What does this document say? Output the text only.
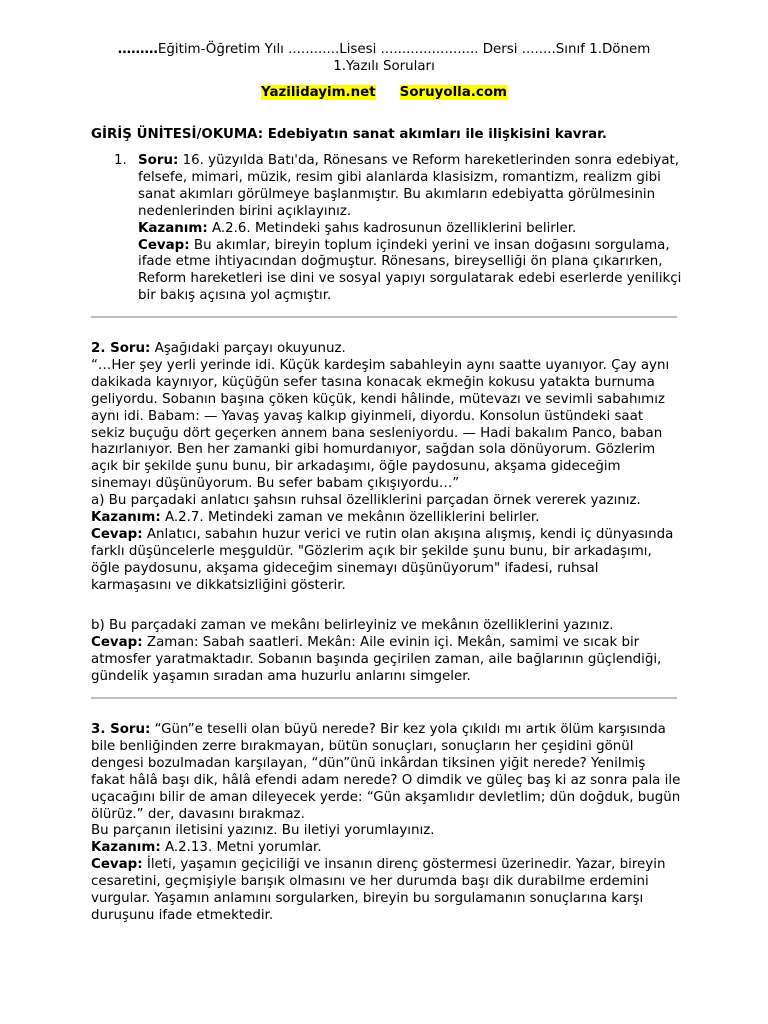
………Eğitim-Öğretim Yılı ............Lisesi ....................... Dersi ........Sınıf 1.Dönem
1.Yazılı Soruları
Yazilidayim.net Soruyolla.com
GİRİŞ ÜNİTESİ/OKUMA: Edebiyatın sanat akımları ile ilişkisini kavrar.
1. Soru: 16. yüzyılda Batı'da, Rönesans ve Reform hareketlerinden sonra edebiyat, felsefe, mimari, müzik, resim gibi alanlarda klasisizm, romantizm, realizm gibi sanat akımları görülmeye başlanmıştır. Bu akımların edebiyatta görülmesinin nedenlerinden birini açıklayınız.

Kazanım: A.2.6. Metindeki şahıs kadrosunun özelliklerini belirler.

Cevap: Bu akımlar, bireyin toplum içindeki yerini ve insan doğasını sorgulama, ifade etme ihtiyacından doğmuştur. Rönesans, bireyselliği ön plana çıkarırken, Reform hareketleri ise dini ve sosyal yapıyı sorgulatarak edebi eserlerde yenilikçi bir bakış açısına yol açmıştır.

2. Soru: Aşağıdaki parçayı okuyunuz.

“…Her şey yerli yerinde idi. Küçük kardeşim sabahleyin aynı saatte uyanıyor. Çay aynı dakikada kaynıyor, küçüğün sefer tasına konacak ekmeğin kokusu yatakta burnuma geliyordu. Sobanın başına çöken küçük, kendi hâlinde, mütevazı ve sevimli sabahımız aynı idi. Babam: — Yavaş yavaş kalkıp giyinmeli, diyordu. Konsolun üstündeki saat sekiz buçuğu dört geçerken annem bana sesleniyordu. — Hadi bakalım Panco, baban hazırlanıyor. Ben her zamanki gibi homurdanıyor, sağdan sola dönüyorum. Gözlerim açık bir şekilde şunu bunu, bir arkadaşımı, öğle paydosunu, akşama gideceğim sinemayı düşünüyorum. Bu sefer babam çıkışıyordu…”

a) Bu parçadaki anlatıcı şahsın ruhsal özelliklerini parçadan örnek vererek yazınız.

Kazanım: A.2.7. Metindeki zaman ve mekânın özelliklerini belirler.

Cevap: Anlatıcı, sabahın huzur verici ve rutin olan akışına alışmış, kendi iç dünyasında farklı düşüncelerle meşguldür. "Gözlerim açık bir şekilde şunu bunu, bir arkadaşımı, öğle paydosunu, akşama gideceğim sinemayı düşünüyorum" ifadesi, ruhsal karmaşasını ve dikkatsizliğini gösterir.

b) Bu parçadaki zaman ve mekânı belirleyiniz ve mekânın özelliklerini yazınız.

Cevap: Zaman: Sabah saatleri. Mekân: Aile evinin içi. Mekân, samimi ve sıcak bir atmosfer yaratmaktadır. Sobanın başında geçirilen zaman, aile bağlarının güçlendiği, gündelik yaşamın sıradan ama huzurlu anlarını simgeler.

3. Soru: “Gün”e teselli olan büyü nerede? Bir kez yola çıkıldı mı artık ölüm karşısında bile benliğinden zerre bırakmayan, bütün sonuçları, sonuçların her çeşidini gönül dengesi bozulmadan karşılayan, “dün”ünü inkârdan tiksinen yiğit nerede? Yenilmiş fakat hâlâ başı dik, hâlâ efendi adam nerede? O dimdik ve güleç baş ki az sonra pala ile uçacağını bilir de aman dileyecek yerde: “Gün akşamlıdır devletlim; dün doğduk, bugün ölürüz.” der, davasını bırakmaz.

Bu parçanın iletisini yazınız. Bu iletiyi yorumlayınız.

Kazanım: A.2.13. Metni yorumlar.

Cevap: İleti, yaşamın geçiciliği ve insanın direnç göstermesi üzerinedir. Yazar, bireyin cesaretini, geçmişiyle barışık olmasını ve her durumda başı dik durabilme erdemini vurgular. Yaşamın anlamını sorgularken, bireyin bu sorgulamanın sonuçlarına karşı duruşunu ifade etmektedir.
